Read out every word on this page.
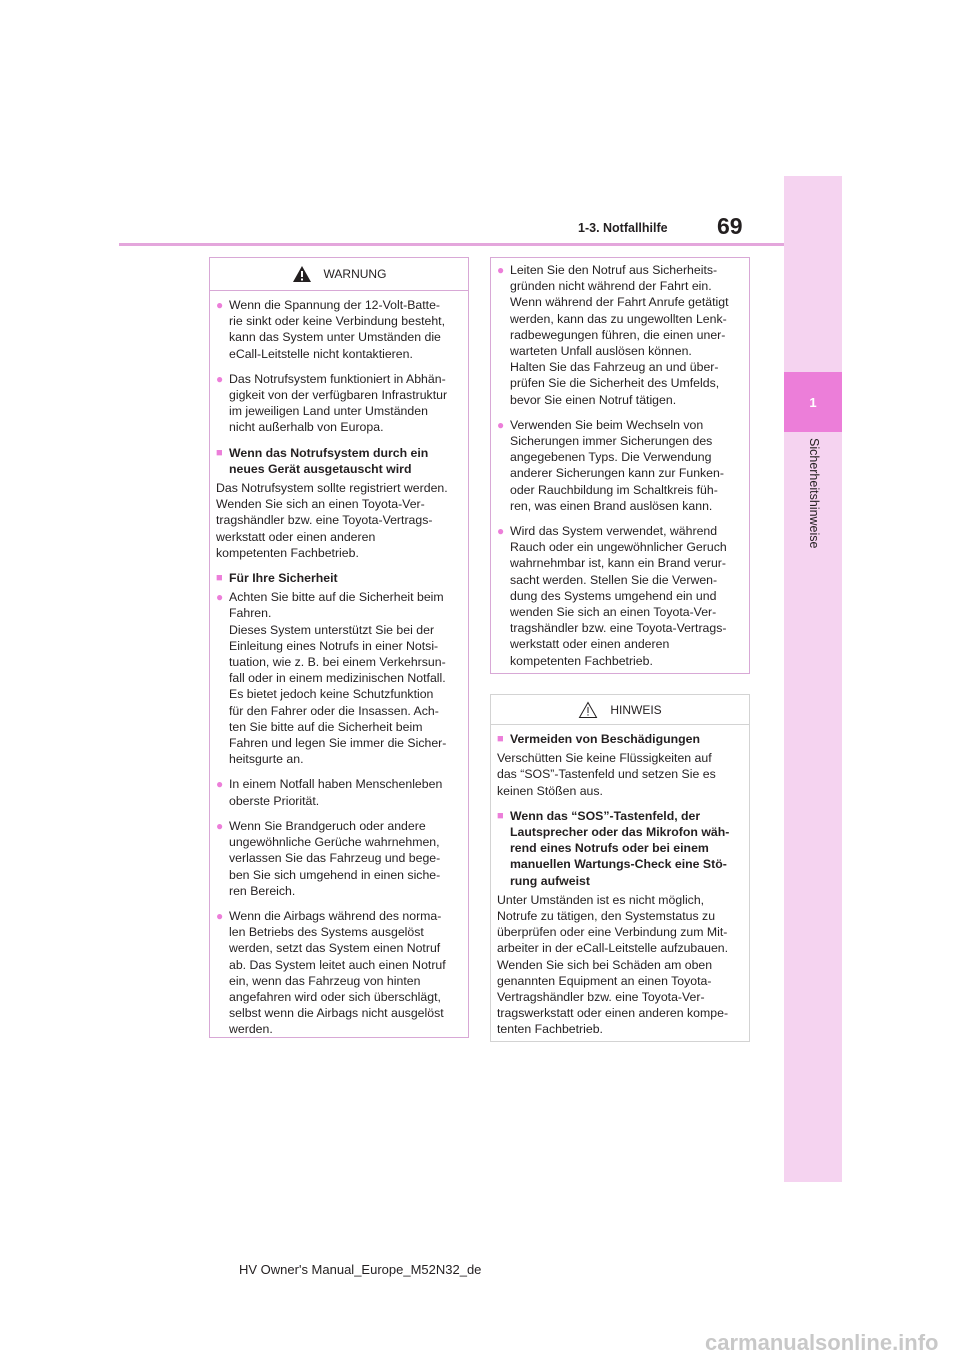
1
Sicherheitshinweise
1-3. Notfallhilfe 69
WARNUNG
● Wenn die Spannung der 12-Volt-Batte-
rie sinkt oder keine Verbindung besteht,
kann das System unter Umständen die
eCall-Leitstelle nicht kontaktieren.
● Das Notrufsystem funktioniert in Abhän-
gigkeit von der verfügbaren Infrastruktur
im jeweiligen Land unter Umständen
nicht außerhalb von Europa.
■ Wenn das Notrufsystem durch ein
neues Gerät ausgetauscht wird

Das Notrufsystem sollte registriert werden.
Wenden Sie sich an einen Toyota-Ver-
tragshändler bzw. eine Toyota-Vertrags-
werkstatt oder einen anderen
kompetenten Fachbetrieb.

■ Für Ihre Sicherheit
● Achten Sie bitte auf die Sicherheit beim
Fahren.
Dieses System unterstützt Sie bei der
Einleitung eines Notrufs in einer Notsi-
tuation, wie z. B. bei einem Verkehrsun-
fall oder in einem medizinischen Notfall.
Es bietet jedoch keine Schutzfunktion
für den Fahrer oder die Insassen. Ach-
ten Sie bitte auf die Sicherheit beim
Fahren und legen Sie immer die Sicher-
heitsgurte an.
● In einem Notfall haben Menschenleben
oberste Priorität.
● Wenn Sie Brandgeruch oder andere
ungewöhnliche Gerüche wahrnehmen,
verlassen Sie das Fahrzeug und bege-
ben Sie sich umgehend in einen siche-
ren Bereich.
● Wenn die Airbags während des norma-
len Betriebs des Systems ausgelöst
werden, setzt das System einen Notruf
ab. Das System leitet auch einen Notruf
ein, wenn das Fahrzeug von hinten
angefahren wird oder sich überschlägt,
selbst wenn die Airbags nicht ausgelöst
werden.
● Leiten Sie den Notruf aus Sicherheits-
gründen nicht während der Fahrt ein.
Wenn während der Fahrt Anrufe getätigt
werden, kann das zu ungewollten Lenk-
radbewegungen führen, die einen uner-
warteten Unfall auslösen können.
Halten Sie das Fahrzeug an und über-
prüfen Sie die Sicherheit des Umfelds,
bevor Sie einen Notruf tätigen.
● Verwenden Sie beim Wechseln von
Sicherungen immer Sicherungen des
angegebenen Typs. Die Verwendung
anderer Sicherungen kann zur Funken-
oder Rauchbildung im Schaltkreis füh-
ren, was einen Brand auslösen kann.
● Wird das System verwendet, während
Rauch oder ein ungewöhnlicher Geruch
wahrnehmbar ist, kann ein Brand verur-
sacht werden. Stellen Sie die Verwen-
dung des Systems umgehend ein und
wenden Sie sich an einen Toyota-Ver-
tragshändler bzw. eine Toyota-Vertrags-
werkstatt oder einen anderen
kompetenten Fachbetrieb.
HINWEIS
■ Vermeiden von Beschädigungen

Verschütten Sie keine Flüssigkeiten auf
das “SOS”-Tastenfeld und setzen Sie es
keinen Stößen aus.

■ Wenn das “SOS”-Tastenfeld, der
Lautsprecher oder das Mikrofon wäh-
rend eines Notrufs oder bei einem
manuellen Wartungs-Check eine Stö-
rung aufweist

Unter Umständen ist es nicht möglich,
Notrufe zu tätigen, den Systemstatus zu
überprüfen oder eine Verbindung zum Mit-
arbeiter in der eCall-Leitstelle aufzubauen.
Wenden Sie sich bei Schäden am oben
genannten Equipment an einen Toyota-
Vertragshändler bzw. eine Toyota-Ver-
tragswerkstatt oder einen anderen kompe-
tenten Fachbetrieb.

HV Owner's Manual_Europe_M52N32_de
carmanualsonline.info
